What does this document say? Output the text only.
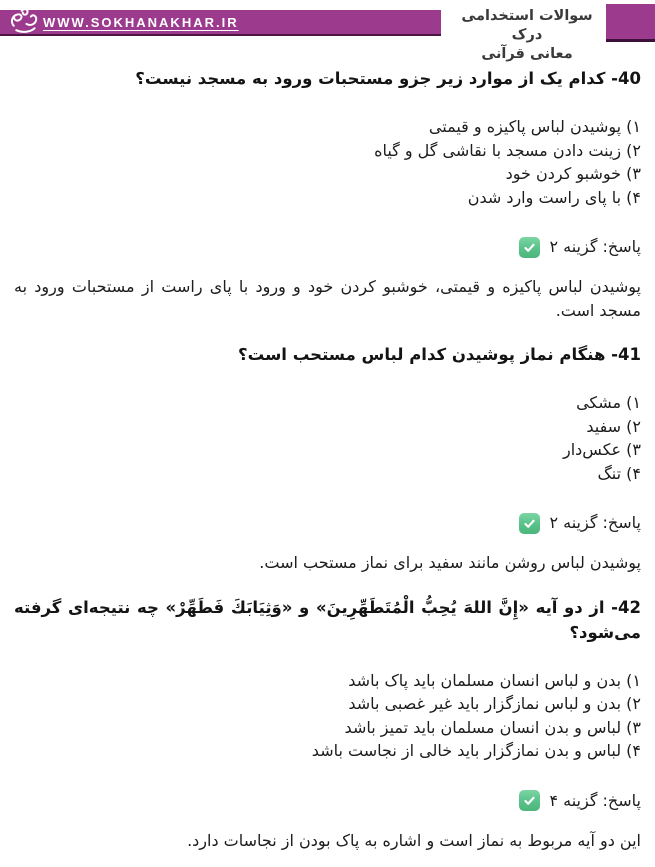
WWW.SOKHANAKHAR.IR	سوالات استخدامی درک
معانی قرآنی
40- کدام یک از موارد زیر جزو مستحبات ورود به مسجد نیست؟
۱) پوشیدن لباس پاکیزه و قیمتی
۲) زینت دادن مسجد با نقاشی گل و گیاه
۳) خوشبو کردن خود
۴) با پای راست وارد شدن
پاسخ: گزینه ۲

پوشیدن لباس پاکیزه و قیمتی، خوشبو کردن خود و ورود با پای راست از مستحبات ورود به مسجد است.

41- هنگام نماز پوشیدن کدام لباس مستحب است؟
۱) مشکی
۲) سفید
۳) عکس‌دار
۴) تنگ
پاسخ: گزینه ۲

پوشیدن لباس روشن مانند سفید برای نماز مستحب است.

42- از دو آیه «إِنَّ اللهَ یُحِبُّ الْمُتَطَهِّرِینَ» و «وَثِیَابَكَ فَطَهِّرْ» چه نتیجه‌ای گرفته می‌شود؟
۱) بدن و لباس انسان مسلمان باید پاک باشد
۲) بدن و لباس نمازگزار باید غیر غصبی باشد
۳) لباس و بدن انسان مسلمان باید تمیز باشد
۴) لباس و بدن نمازگزار باید خالی از نجاست باشد
پاسخ: گزینه ۴

این دو آیه مربوط به نماز است و اشاره به پاک بودن از نجاسات دارد.
